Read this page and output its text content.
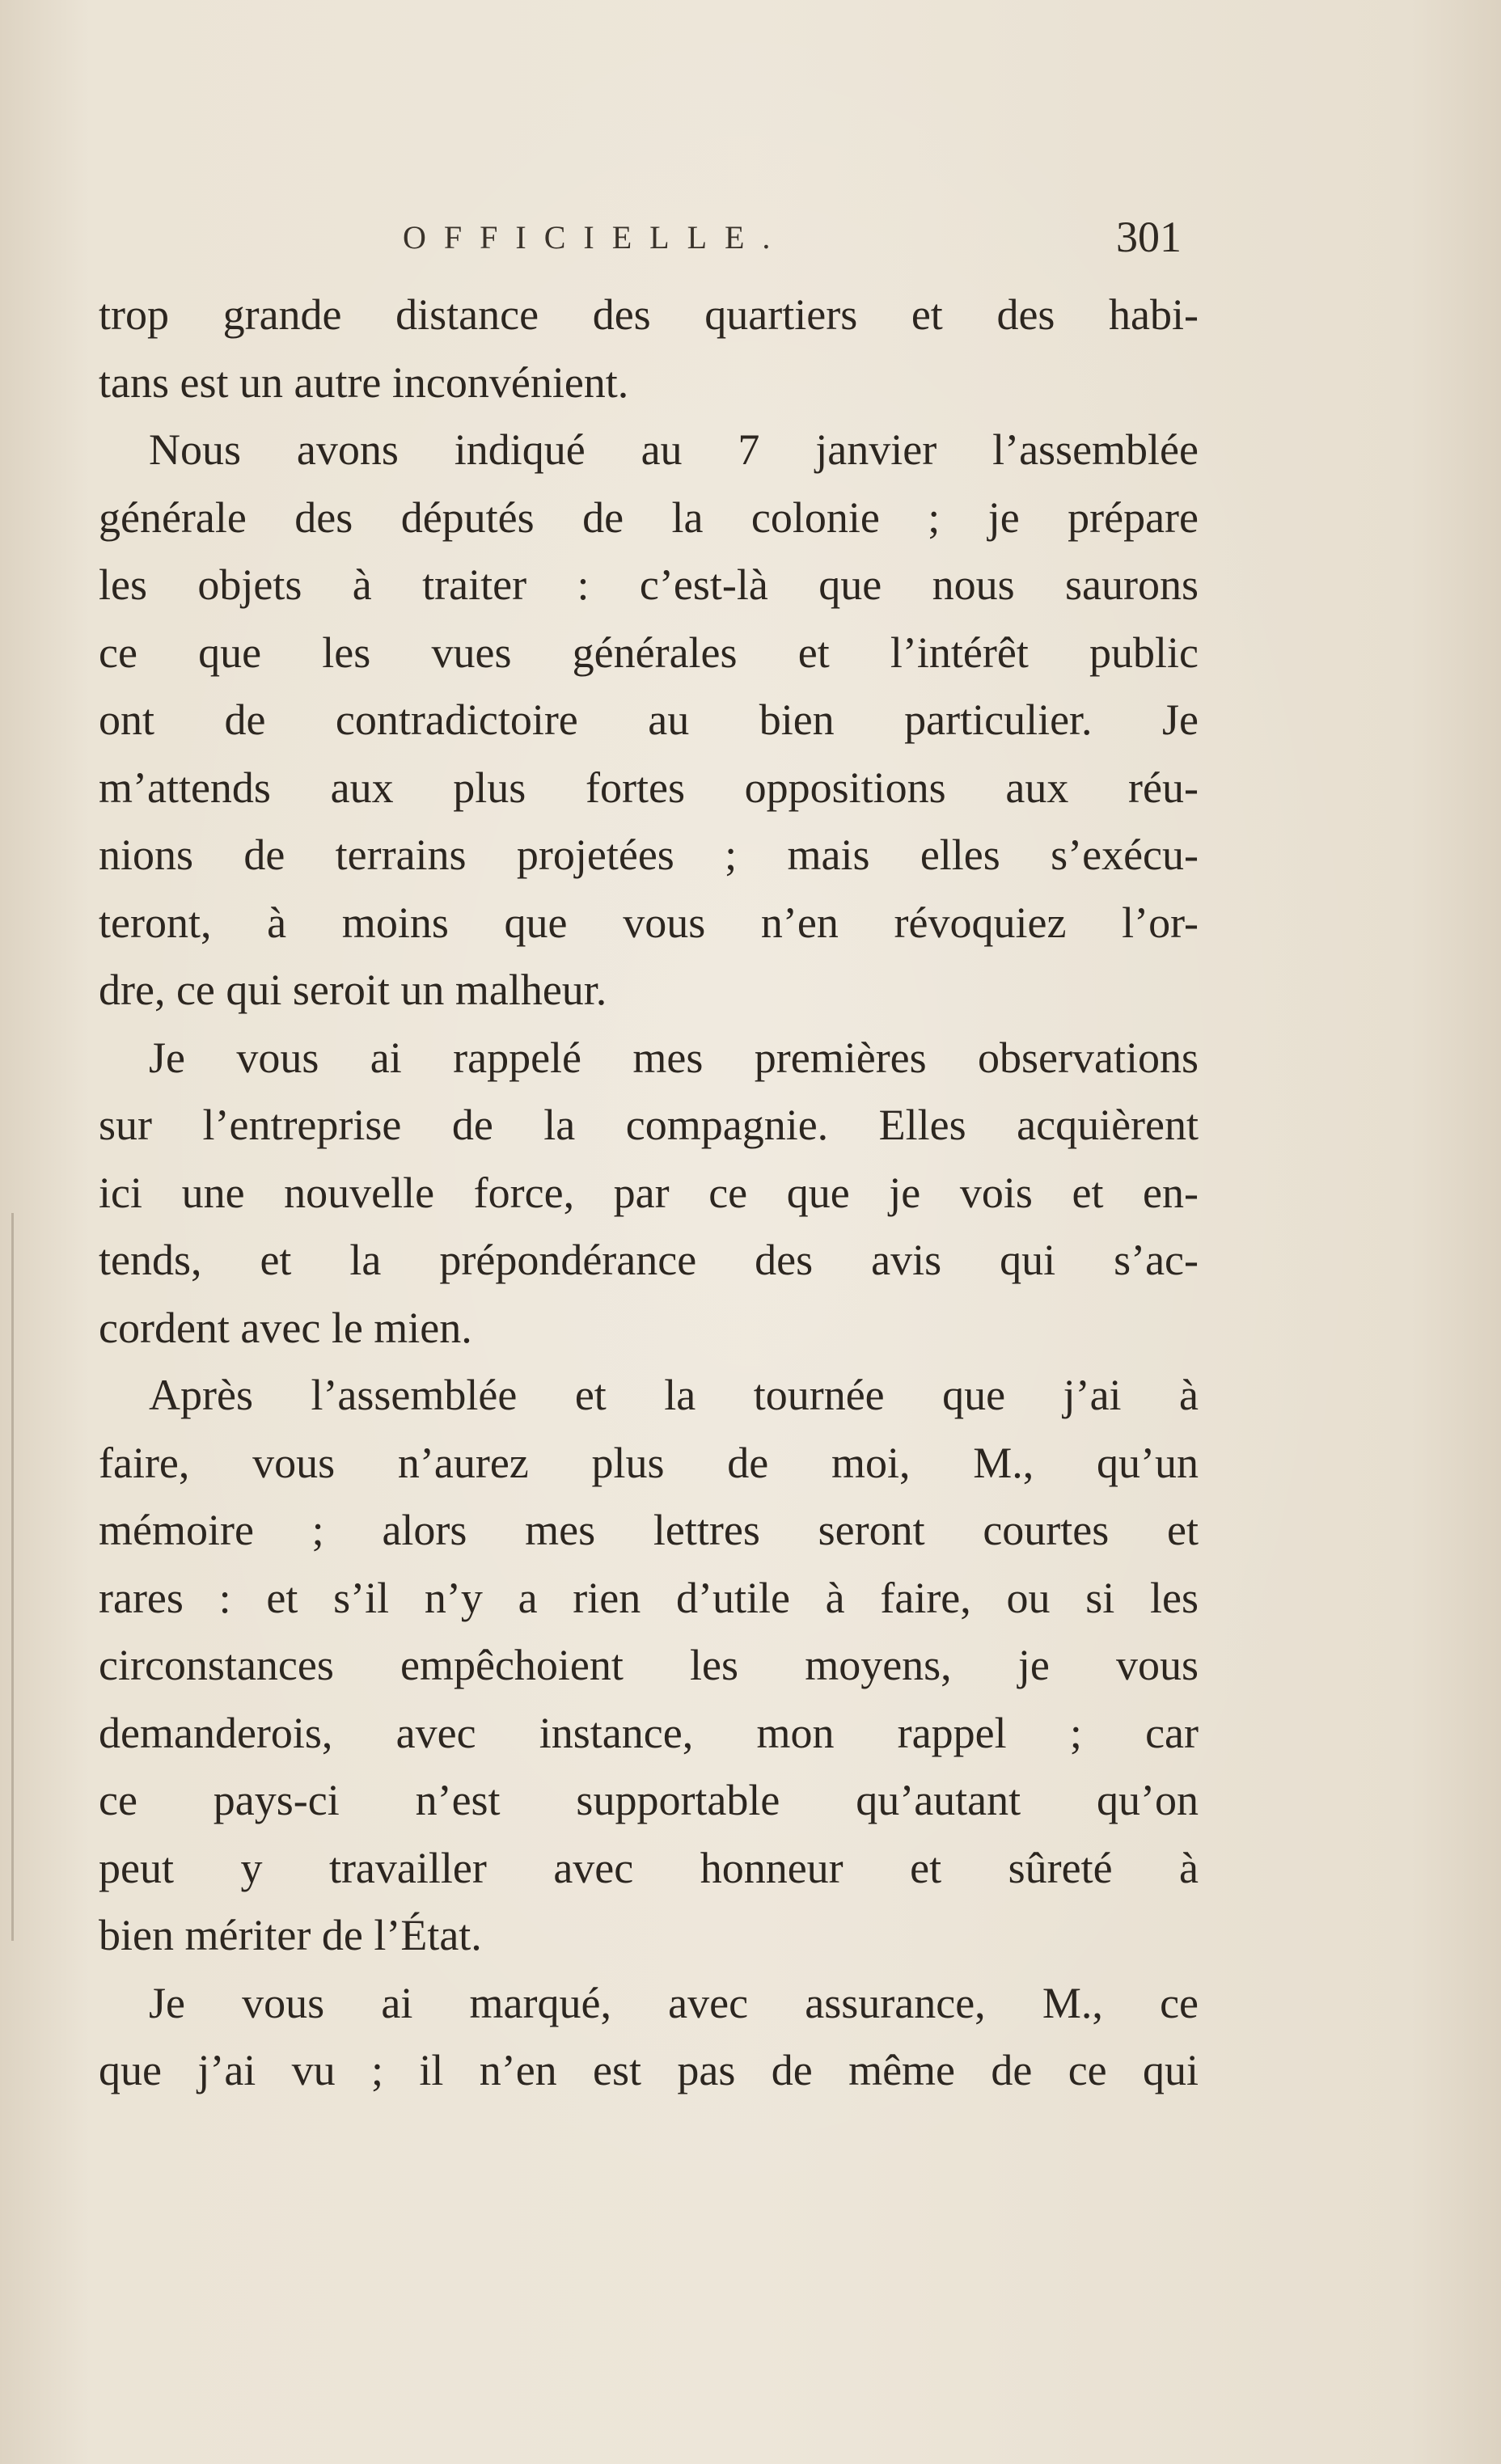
OFFICIELLE.	301
trop grande distance des quartiers et des habi-
tans est un autre inconvénient.
Nous avons indiqué au 7 janvier l’assemblée
générale des députés de la colonie ; je prépare
les objets à traiter : c’est-là que nous saurons
ce que les vues générales et l’intérêt public
ont de contradictoire au bien particulier. Je
m’attends aux plus fortes oppositions aux réu-
nions de terrains projetées ; mais elles s’exécu-
teront, à moins que vous n’en révoquiez l’or-
dre, ce qui seroit un malheur.
Je vous ai rappelé mes premières observations
sur l’entreprise de la compagnie. Elles acquièrent
ici une nouvelle force, par ce que je vois et en-
tends, et la prépondérance des avis qui s’ac-
cordent avec le mien.
Après l’assemblée et la tournée que j’ai à
faire, vous n’aurez plus de moi, M., qu’un
mémoire ; alors mes lettres seront courtes et
rares : et s’il n’y a rien d’utile à faire, ou si les
circonstances empêchoient les moyens, je vous
demanderois, avec instance, mon rappel ; car
ce pays-ci n’est supportable qu’autant qu’on
peut y travailler avec honneur et sûreté à
bien mériter de l’État.
Je vous ai marqué, avec assurance, M., ce
que j’ai vu ; il n’en est pas de même de ce qui
